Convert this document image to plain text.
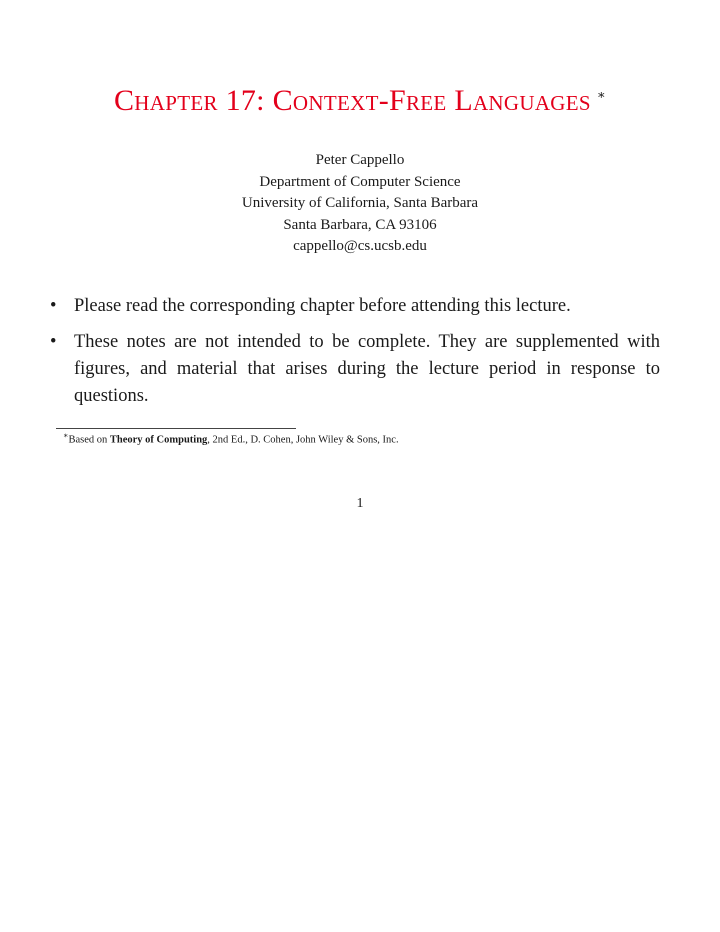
Chapter 17: Context-Free Languages ∗
Peter Cappello
Department of Computer Science
University of California, Santa Barbara
Santa Barbara, CA 93106
cappello@cs.ucsb.edu
• Please read the corresponding chapter before attending this lecture.
• These notes are not intended to be complete. They are supplemented with figures, and material that arises during the lecture period in response to questions.
∗Based on Theory of Computing, 2nd Ed., D. Cohen, John Wiley & Sons, Inc.
1
